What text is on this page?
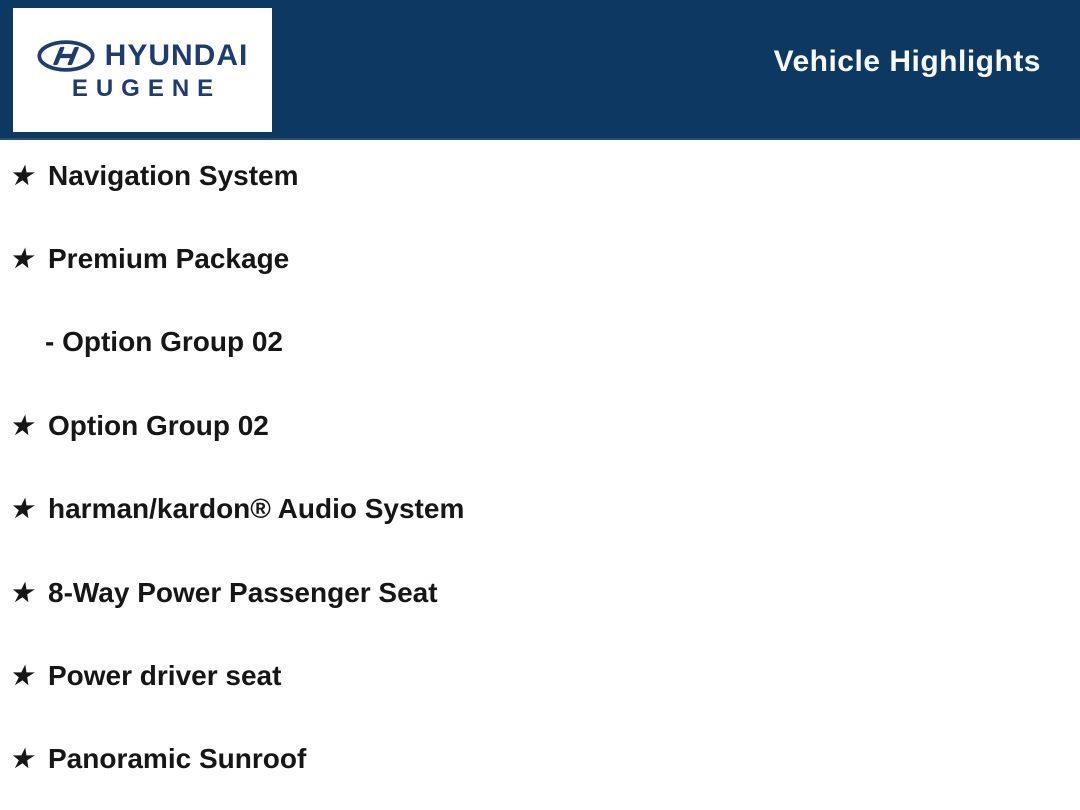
HYUNDAI
EUGENE
Vehicle Highlights
★ Navigation System
★ Premium Package
- Option Group 02
★ Option Group 02
★ harman/kardon® Audio System
★ 8-Way Power Passenger Seat
★ Power driver seat
★ Panoramic Sunroof
